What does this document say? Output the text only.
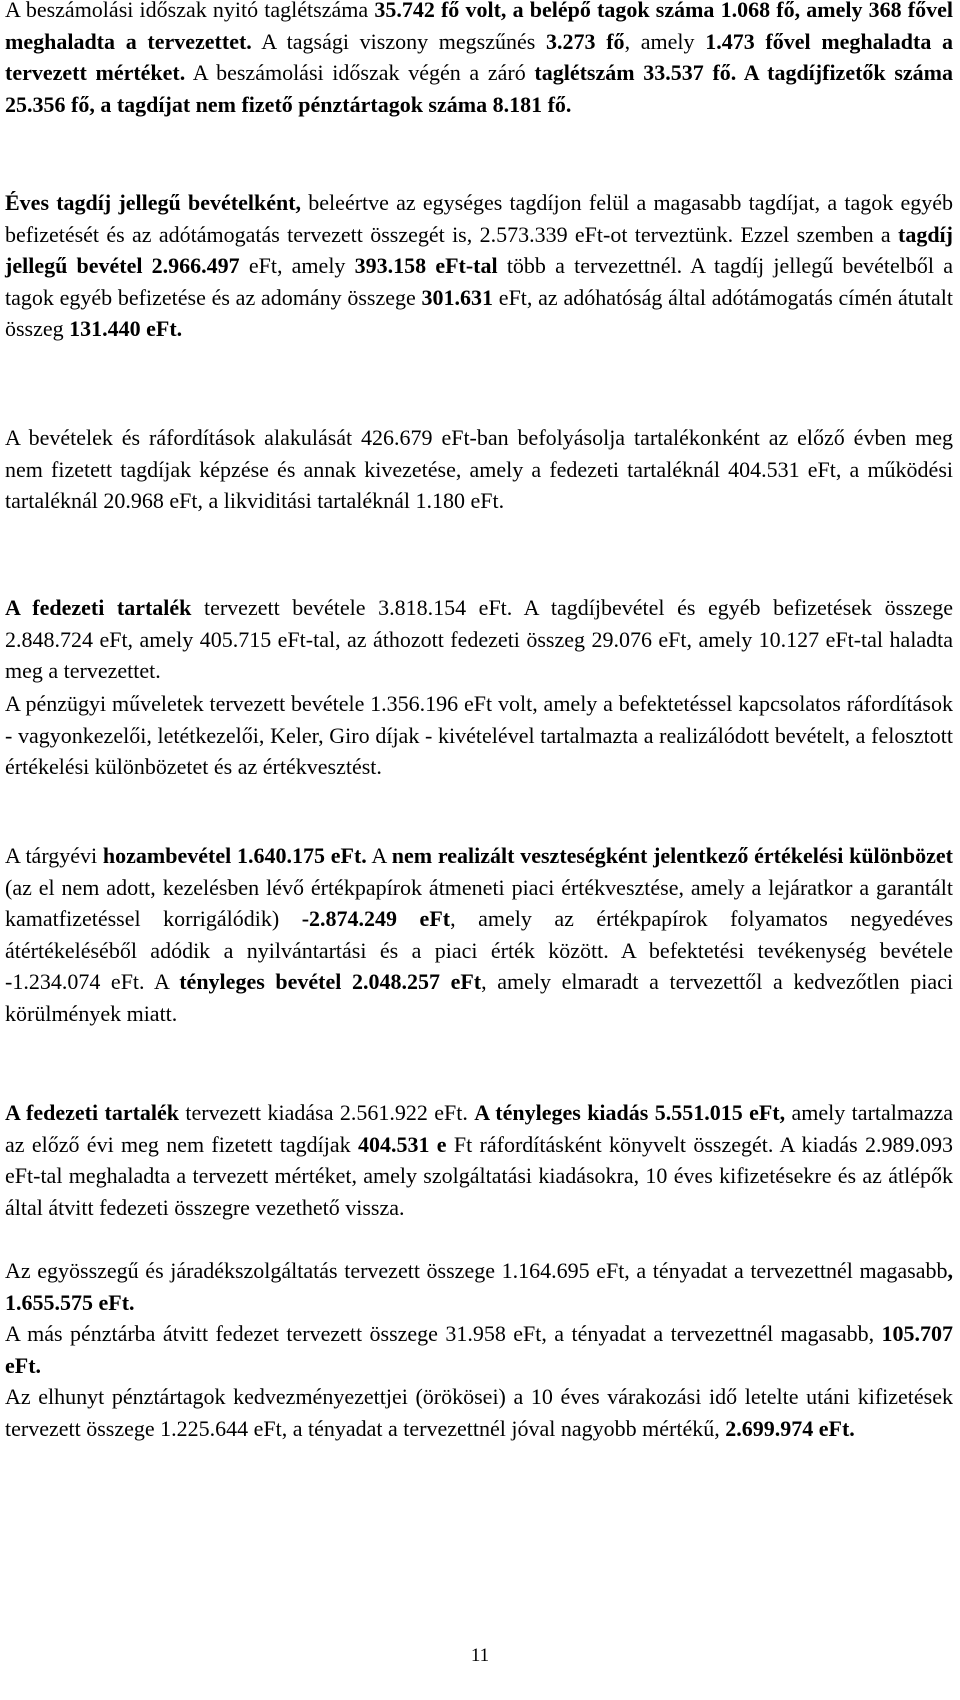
A beszámolási időszak nyitó taglétszáma 35.742 fő volt, a belépő tagok száma 1.068 fő, amely 368 fővel meghaladta a tervezettet. A tagsági viszony megszűnés 3.273 fő, amely 1.473 fővel meghaladta a tervezett mértéket. A beszámolási időszak végén a záró taglétszám 33.537 fő. A tagdíjfizetők száma 25.356 fő, a tagdíjat nem fizető pénztártagok száma 8.181 fő.

Éves tagdíj jellegű bevételként, beleértve az egységes tagdíjon felül a magasabb tagdíjat, a tagok egyéb befizetését és az adótámogatás tervezett összegét is, 2.573.339 eFt-ot terveztünk. Ezzel szemben a tagdíj jellegű bevétel 2.966.497 eFt, amely 393.158 eFt-tal több a tervezettnél. A tagdíj jellegű bevételből a tagok egyéb befizetése és az adomány összege 301.631 eFt, az adóhatóság által adótámogatás címén átutalt összeg 131.440 eFt.

A bevételek és ráfordítások alakulását 426.679 eFt-ban befolyásolja tartalékonként az előző évben meg nem fizetett tagdíjak képzése és annak kivezetése, amely a fedezeti tartaléknál 404.531 eFt, a működési tartaléknál 20.968 eFt, a likviditási tartaléknál 1.180 eFt.

A fedezeti tartalék tervezett bevétele 3.818.154 eFt. A tagdíjbevétel és egyéb befizetések összege 2.848.724 eFt, amely 405.715 eFt-tal, az áthozott fedezeti összeg 29.076 eFt, amely 10.127 eFt-tal haladta meg a tervezettet.

A pénzügyi műveletek tervezett bevétele 1.356.196 eFt volt, amely a befektetéssel kapcsolatos ráfordítások - vagyonkezelői, letétkezelői, Keler, Giro díjak - kivételével tartalmazta a realizálódott bevételt, a felosztott értékelési különbözetet és az értékvesztést.

A tárgyévi hozambevétel 1.640.175 eFt. A nem realizált veszteségként jelentkező értékelési különbözet (az el nem adott, kezelésben lévő értékpapírok átmeneti piaci értékvesztése, amely a lejáratkor a garantált kamatfizetéssel korrigálódik) -2.874.249 eFt, amely az értékpapírok folyamatos negyedéves átértékeléséből adódik a nyilvántartási és a piaci érték között. A befektetési tevékenység bevétele -1.234.074 eFt. A tényleges bevétel 2.048.257 eFt, amely elmaradt a tervezettől a kedvezőtlen piaci körülmények miatt.

A fedezeti tartalék tervezett kiadása 2.561.922 eFt. A tényleges kiadás 5.551.015 eFt, amely tartalmazza az előző évi meg nem fizetett tagdíjak 404.531 e Ft ráfordításként könyvelt összegét. A kiadás 2.989.093 eFt-tal meghaladta a tervezett mértéket, amely szolgáltatási kiadásokra, 10 éves kifizetésekre és az átlépők által átvitt fedezeti összegre vezethető vissza.

Az egyösszegű és járadékszolgáltatás tervezett összege 1.164.695 eFt, a tényadat a tervezettnél magasabb, 1.655.575 eFt.

A más pénztárba átvitt fedezet tervezett összege 31.958 eFt, a tényadat a tervezettnél magasabb, 105.707 eFt.

Az elhunyt pénztártagok kedvezményezettjei (örökösei) a 10 éves várakozási idő letelte utáni kifizetések tervezett összege 1.225.644 eFt, a tényadat a tervezettnél jóval nagyobb mértékű, 2.699.974 eFt.

11
